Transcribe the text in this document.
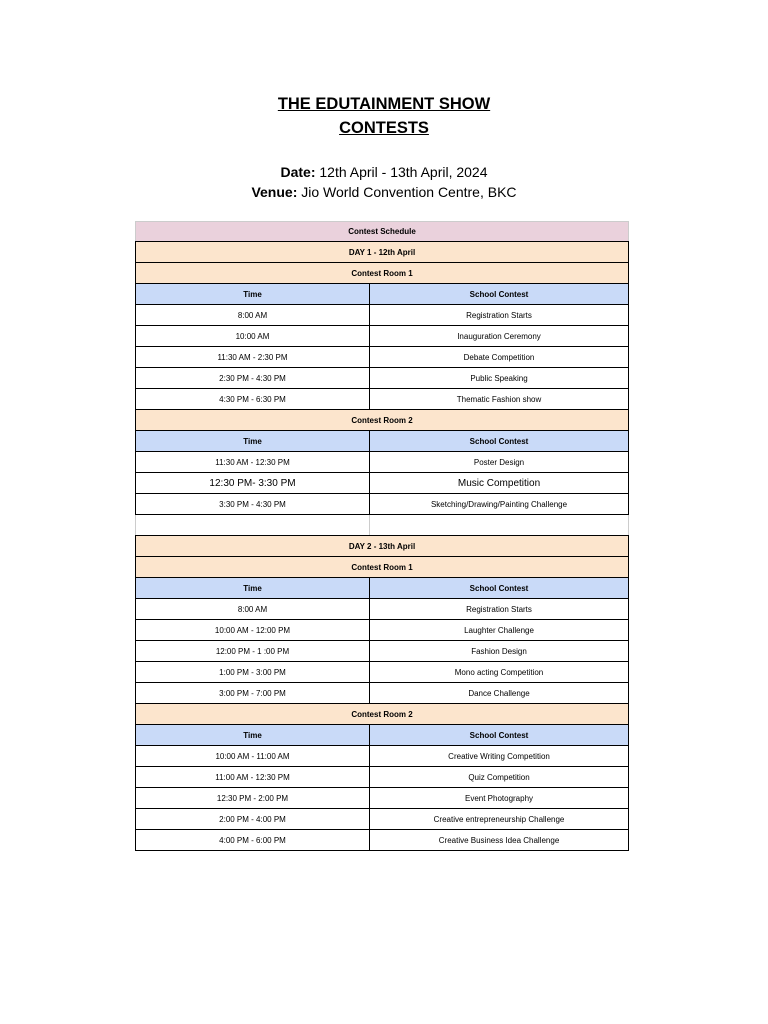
THE EDUTAINMENT SHOW

CONTESTS

Date: 12th April - 13th April, 2024

Venue: Jio World Convention Centre, BKC

Contest Schedule	
DAY 1 - 12th April	
Contest Room 1	
Time	School Contest
8:00 AM	Registration Starts
10:00 AM	Inauguration Ceremony
11:30 AM - 2:30 PM	Debate Competition
2:30 PM - 4:30 PM	Public Speaking
4:30 PM - 6:30 PM	Thematic Fashion show
Contest Room 2	
Time	School Contest
11:30 AM - 12:30 PM	Poster Design
12:30 PM- 3:30 PM	Music Competition
3:30 PM - 4:30 PM	Sketching/Drawing/Painting Challenge

DAY 2 - 13th April	
Contest Room 1	
Time	School Contest
8:00 AM	Registration Starts
10:00 AM - 12:00 PM	Laughter Challenge
12:00 PM - 1 :00 PM	Fashion Design
1:00 PM - 3:00 PM	Mono acting Competition
3:00 PM - 7:00 PM	Dance Challenge
Contest Room 2	
Time	School Contest
10:00 AM - 11:00 AM	Creative Writing Competition
11:00 AM - 12:30 PM	Quiz Competition
12:30 PM - 2:00 PM	Event Photography
2:00 PM - 4:00 PM	Creative entrepreneurship Challenge
4:00 PM - 6:00 PM	Creative Business Idea Challenge
